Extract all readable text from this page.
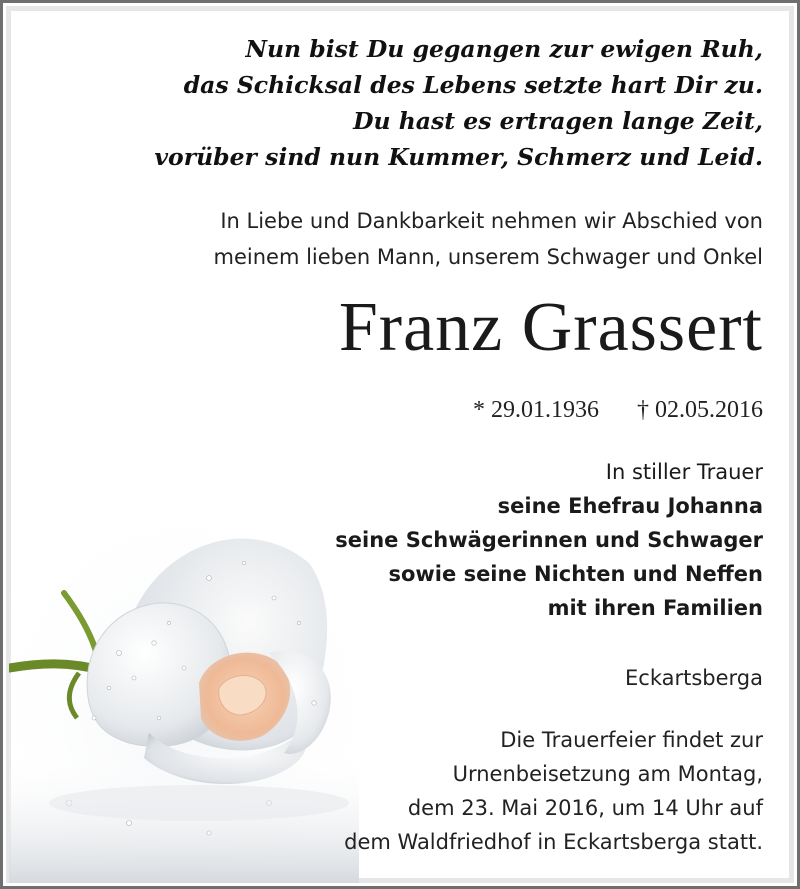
Nun bist Du gegangen zur ewigen Ruh,
das Schicksal des Lebens setzte hart Dir zu.
Du hast es ertragen lange Zeit,
vorüber sind nun Kummer, Schmerz und Leid.
In Liebe und Dankbarkeit nehmen wir Abschied von
meinem lieben Mann, unserem Schwager und Onkel
Franz Grassert
* 29.01.1936 † 02.05.2016
In stiller Trauer
seine Ehefrau Johanna
seine Schwägerinnen und Schwager
sowie seine Nichten und Neffen
mit ihren Familien
Eckartsberga
Die Trauerfeier findet zur
Urnenbeisetzung am Montag,
dem 23. Mai 2016, um 14 Uhr auf
dem Waldfriedhof in Eckartsberga statt.
